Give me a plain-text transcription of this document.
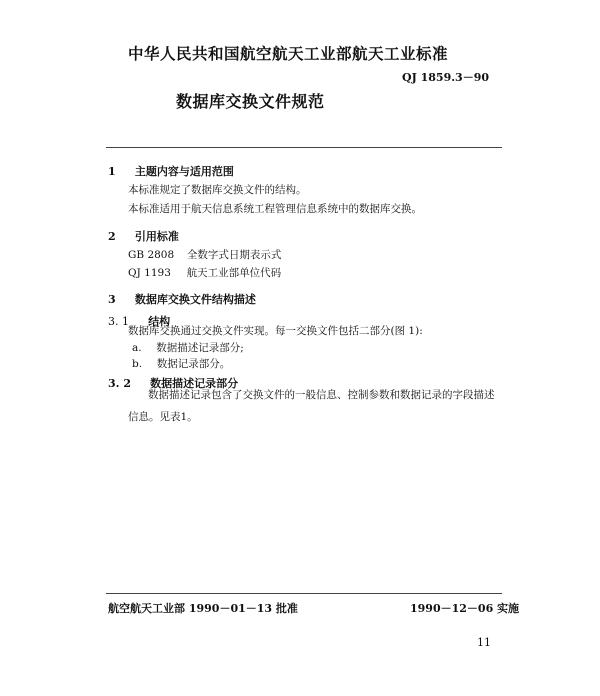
中华人民共和国航空航天工业部航天工业标准
QJ 1859.3－90
数据库交换文件规范
1 主题内容与适用范围
本标准规定了数据库交换文件的结构。
本标准适用于航天信息系统工程管理信息系统中的数据库交换。
2 引用标准
GB 2808 全数字式日期表示式
QJ 1193 航天工业部单位代码
3 数据库交换文件结构描述
3. 1 结构
数据库交换通过交换文件实现。每一交换文件包括二部分(图 1):
a. 数据描述记录部分;
b. 数据记录部分。
3. 2 数据描述记录部分
数据描述记录包含了交换文件的一般信息、控制参数和数据记录的字段描述信息。见表1。
航空航天工业部 1990－01－13 批准	1990－12－06 实施
11
